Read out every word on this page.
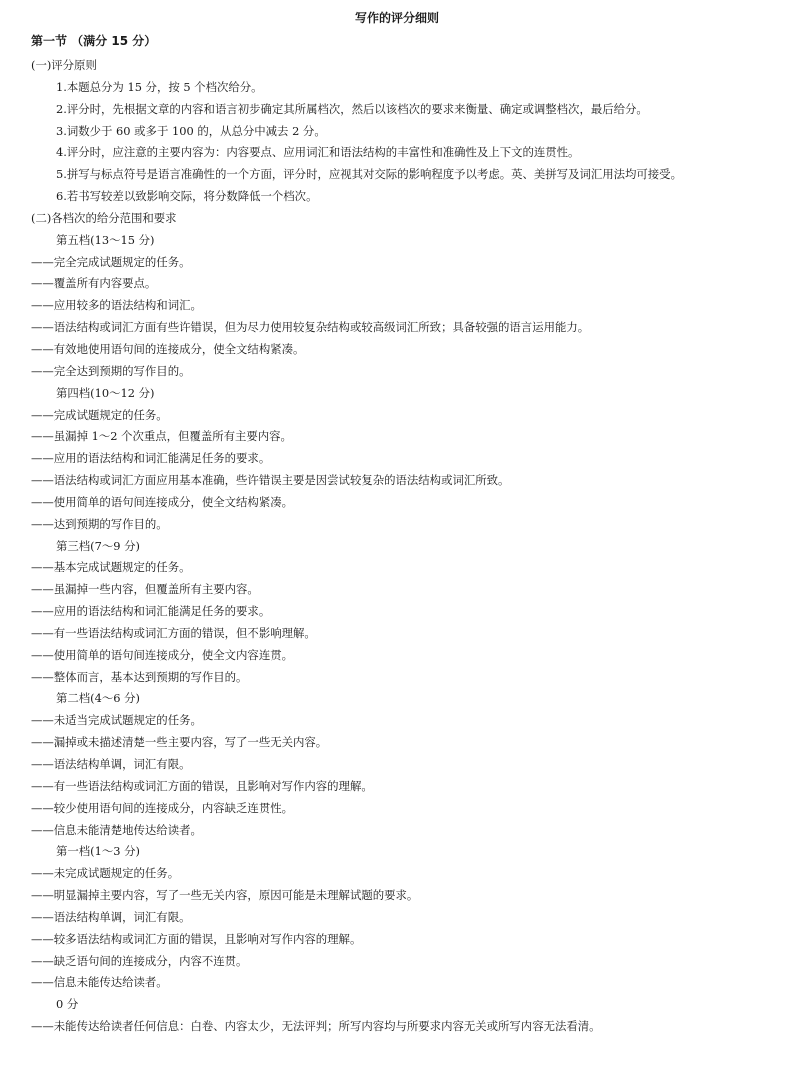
写作的评分细则
第一节 （满分 15 分）
(一)评分原则
1.本题总分为 15 分，按 5 个档次给分。
2.评分时，先根据文章的内容和语言初步确定其所属档次，然后以该档次的要求来衡量、确定或调整档次，最后给分。
3.词数少于 60 或多于 100 的，从总分中减去 2 分。
4.评分时，应注意的主要内容为：内容要点、应用词汇和语法结构的丰富性和准确性及上下文的连贯性。
5.拼写与标点符号是语言准确性的一个方面，评分时，应视其对交际的影响程度予以考虑。英、美拼写及词汇用法均可接受。
6.若书写较差以致影响交际，将分数降低一个档次。
(二)各档次的给分范围和要求
第五档(13～15 分)
——完全完成试题规定的任务。
——覆盖所有内容要点。
——应用较多的语法结构和词汇。
——语法结构或词汇方面有些许错误，但为尽力使用较复杂结构或较高级词汇所致；具备较强的语言运用能力。
——有效地使用语句间的连接成分，使全文结构紧凑。
——完全达到预期的写作目的。
第四档(10～12 分)
——完成试题规定的任务。
——虽漏掉 1～2 个次重点，但覆盖所有主要内容。
——应用的语法结构和词汇能满足任务的要求。
——语法结构或词汇方面应用基本准确，些许错误主要是因尝试较复杂的语法结构或词汇所致。
——使用简单的语句间连接成分，使全文结构紧凑。
——达到预期的写作目的。
第三档(7～9 分)
——基本完成试题规定的任务。
——虽漏掉一些内容，但覆盖所有主要内容。
——应用的语法结构和词汇能满足任务的要求。
——有一些语法结构或词汇方面的错误，但不影响理解。
——使用简单的语句间连接成分，使全文内容连贯。
——整体而言，基本达到预期的写作目的。
第二档(4～6 分)
——未适当完成试题规定的任务。
——漏掉或未描述清楚一些主要内容，写了一些无关内容。
——语法结构单调，词汇有限。
——有一些语法结构或词汇方面的错误，且影响对写作内容的理解。
——较少使用语句间的连接成分，内容缺乏连贯性。
——信息未能清楚地传达给读者。
第一档(1～3 分)
——未完成试题规定的任务。
——明显漏掉主要内容，写了一些无关内容，原因可能是未理解试题的要求。
——语法结构单调，词汇有限。
——较多语法结构或词汇方面的错误，且影响对写作内容的理解。
——缺乏语句间的连接成分，内容不连贯。
——信息未能传达给读者。
0 分
——未能传达给读者任何信息：白卷、内容太少，无法评判；所写内容均与所要求内容无关或所写内容无法看清。
